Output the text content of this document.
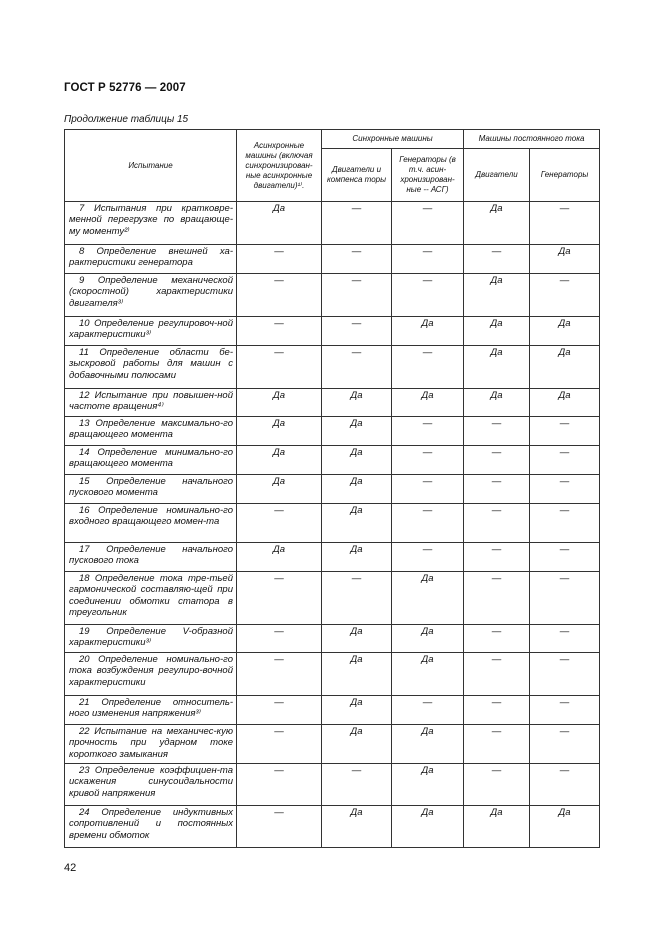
ГОСТ Р 52776 — 2007
Продолжение таблицы 15
Испытание	Асинхронные машины (включая синхронизирован-ные асинхронные двигатели)¹⁾.	Синхронные машины		Машины постоянного тока	
		Двигатели и компенса торы	Генераторы (в т.ч. асин-хронизирован-ные -- АСГ)	Двигатели	Генераторы

7 Испытания при кратковре-менной перегрузке по вращающе-му моменту²⁾	Да	—	—	Да	—

8 Определение внешней ха-рактеристики генератора	—	—	—	—	Да

9 Определение механической (скоростной) характеристики двигателя³⁾	—	—	—	Да	—

10 Определение регулировоч-ной характеристики³⁾	—	—	Да	Да	Да

11 Определение области бе-зыскровой работы для машин с добавочными полюсами	—	—	—	Да	Да

12 Испытание при повышен-ной частоте вращения⁴⁾	Да	Да	Да	Да	Да

13 Определение максимально-го вращающего момента	Да	Да	—	—	—

14 Определение минимально-го вращающего момента	Да	Да	—	—	—

15 Определение начального пускового момента	Да	Да	—	—	—

16 Определение номинально-го входного вращающего момен-та	—	Да	—	—	—

17 Определение начального пускового тока	Да	Да	—	—	—

18 Определение тока тре-тьей гармонической составляю-щей при соединении обмотки статора в треугольник	—	—	Да	—	—

19 Определение V-образной характеристики³⁾	—	Да	Да	—	—

20 Определение номинально-го тока возбуждения регулиро-вочной характеристики	—	Да	Да	—	—

21 Определение относитель-ного изменения напряжения³⁾	—	Да	—	—	—

22 Испытание на механичес-кую прочность при ударном токе короткого замыкания	—	Да	Да	—	—

23 Определение коэффициен-та искажения синусоидальности кривой напряжения	—	—	Да	—	—

24 Определение индуктивных сопротивлений и постоянных времени обмоток	—	Да	Да	Да	Да
42
